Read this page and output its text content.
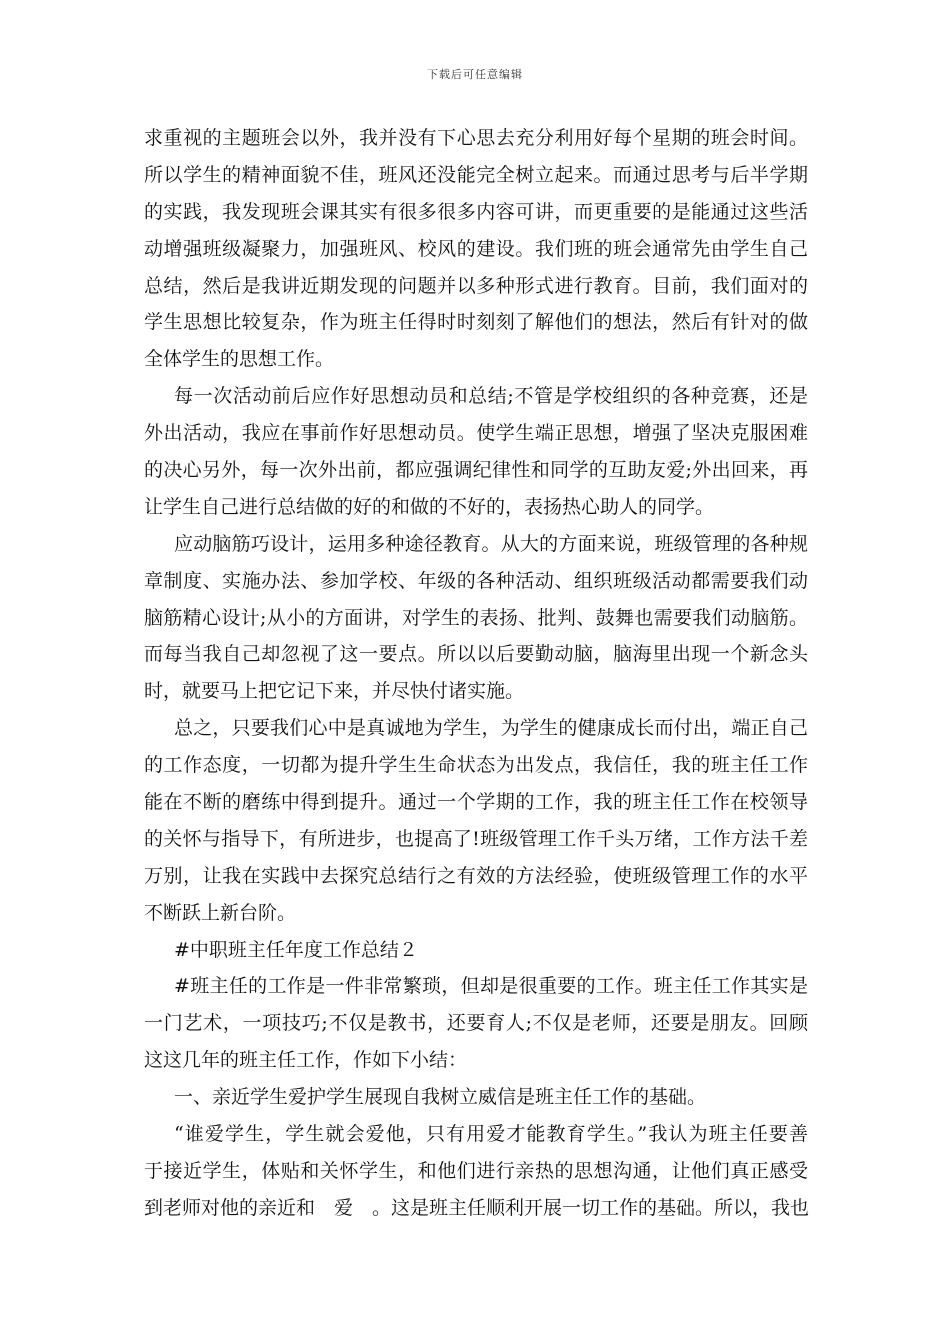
下载后可任意编辑
求重视的主题班会以外，我并没有下心思去充分利用好每个星期的班会时间。
所以学生的精神面貌不佳，班风还没能完全树立起来。而通过思考与后半学期
的实践，我发现班会课其实有很多很多内容可讲，而更重要的是能通过这些活
动增强班级凝聚力，加强班风、校风的建设。我们班的班会通常先由学生自己
总结，然后是我讲近期发现的问题并以多种形式进行教育。目前，我们面对的
学生思想比较复杂，作为班主任得时时刻刻了解他们的想法，然后有针对的做
全体学生的思想工作。
每一次活动前后应作好思想动员和总结;不管是学校组织的各种竞赛，还是
外出活动，我应在事前作好思想动员。使学生端正思想，增强了坚决克服困难
的决心另外，每一次外出前，都应强调纪律性和同学的互助友爱;外出回来，再
让学生自己进行总结做的好的和做的不好的，表扬热心助人的同学。
应动脑筋巧设计，运用多种途径教育。从大的方面来说，班级管理的各种规
章制度、实施办法、参加学校、年级的各种活动、组织班级活动都需要我们动
脑筋精心设计;从小的方面讲，对学生的表扬、批判、鼓舞也需要我们动脑筋。
而每当我自己却忽视了这一要点。所以以后要勤动脑，脑海里出现一个新念头
时，就要马上把它记下来，并尽快付诸实施。
总之，只要我们心中是真诚地为学生，为学生的健康成长而付出，端正自己
的工作态度，一切都为提升学生生命状态为出发点，我信任，我的班主任工作
能在不断的磨练中得到提升。通过一个学期的工作，我的班主任工作在校领导
的关怀与指导下，有所进步，也提高了!班级管理工作千头万绪，工作方法千差
万别，让我在实践中去探究总结行之有效的方法经验，使班级管理工作的水平
不断跃上新台阶。
#中职班主任年度工作总结２
#班主任的工作是一件非常繁琐，但却是很重要的工作。班主任工作其实是
一门艺术，一项技巧;不仅是教书，还要育人;不仅是老师，还要是朋友。回顾
这这几年的班主任工作，作如下小结：
一、亲近学生爱护学生展现自我树立威信是班主任工作的基础。
“谁爱学生，学生就会爱他，只有用爱才能教育学生。”我认为班主任要善
于接近学生，体贴和关怀学生，和他们进行亲热的思想沟通，让他们真正感受
到老师对他的亲近和　爱　。这是班主任顺利开展一切工作的基础。所以，我也
